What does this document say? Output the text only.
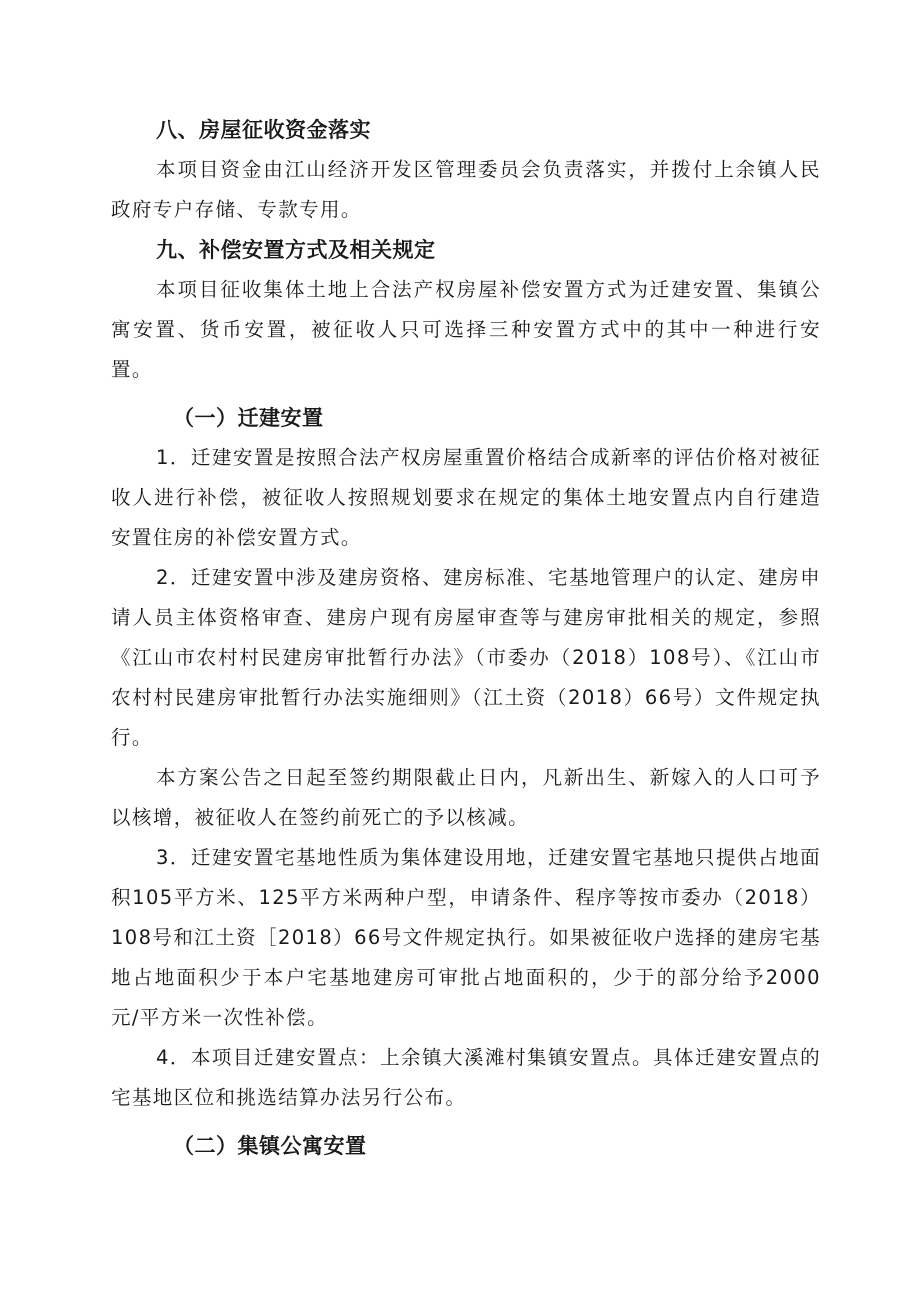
八、房屋征收资金落实

本项目资金由江山经济开发区管理委员会负责落实，并拨付上余镇人民政府专户存储、专款专用。

九、补偿安置方式及相关规定

本项目征收集体土地上合法产权房屋补偿安置方式为迁建安置、集镇公寓安置、货币安置，被征收人只可选择三种安置方式中的其中一种进行安置。

（一）迁建安置

1．迁建安置是按照合法产权房屋重置价格结合成新率的评估价格对被征收人进行补偿，被征收人按照规划要求在规定的集体土地安置点内自行建造安置住房的补偿安置方式。

2．迁建安置中涉及建房资格、建房标准、宅基地管理户的认定、建房申请人员主体资格审查、建房户现有房屋审查等与建房审批相关的规定，参照《江山市农村村民建房审批暂行办法》（市委办（2018）108号）、《江山市农村村民建房审批暂行办法实施细则》（江土资（2018）66号）文件规定执行。

本方案公告之日起至签约期限截止日内，凡新出生、新嫁入的人口可予以核增，被征收人在签约前死亡的予以核减。

3．迁建安置宅基地性质为集体建设用地，迁建安置宅基地只提供占地面积105平方米、125平方米两种户型，申请条件、程序等按市委办（2018）108号和江土资［2018）66号文件规定执行。如果被征收户选择的建房宅基地占地面积少于本户宅基地建房可审批占地面积的，少于的部分给予2000元/平方米一次性补偿。

4．本项目迁建安置点：上余镇大溪滩村集镇安置点。具体迁建安置点的宅基地区位和挑选结算办法另行公布。

（二）集镇公寓安置
